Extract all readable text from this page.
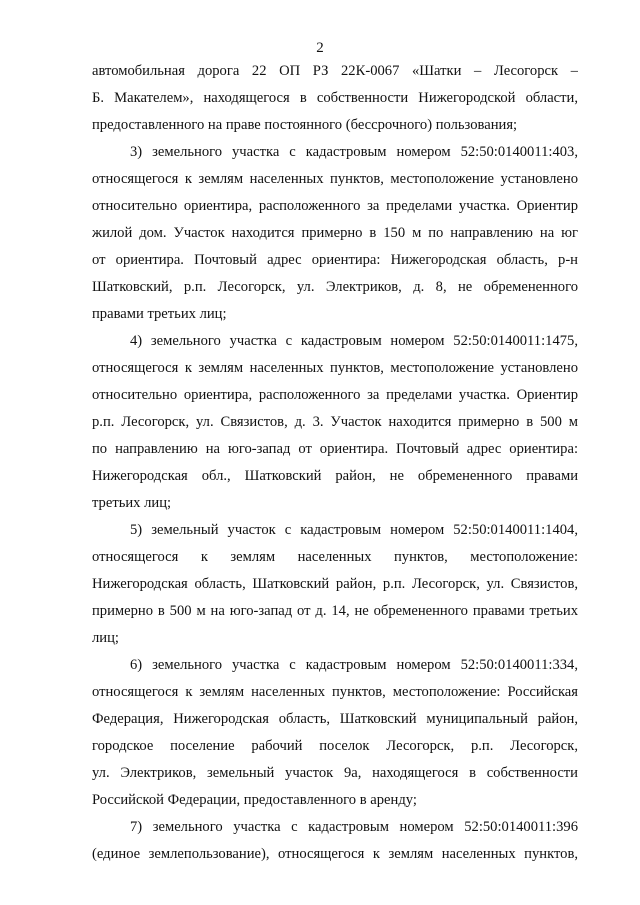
2
автомобильная дорога 22 ОП РЗ 22К-0067 «Шатки – Лесогорск –
Б. Макателем», находящегося в собственности Нижегородской области,
предоставленного на праве постоянного (бессрочного) пользования;
3) земельного участка с кадастровым номером 52:50:0140011:403,
относящегося к землям населенных пунктов, местоположение установлено
относительно ориентира, расположенного за пределами участка. Ориентир
жилой дом. Участок находится примерно в 150 м по направлению на юг
от ориентира. Почтовый адрес ориентира: Нижегородская область, р-н
Шатковский, р.п. Лесогорск, ул. Электриков, д. 8, не обремененного
правами третьих лиц;
4) земельного участка с кадастровым номером 52:50:0140011:1475,
относящегося к землям населенных пунктов, местоположение установлено
относительно ориентира, расположенного за пределами участка. Ориентир
р.п. Лесогорск, ул. Связистов, д. 3. Участок находится примерно в 500 м
по направлению на юго-запад от ориентира. Почтовый адрес ориентира:
Нижегородская обл., Шатковский район, не обремененного правами
третьих лиц;
5) земельный участок с кадастровым номером 52:50:0140011:1404,
относящегося к землям населенных пунктов, местоположение:
Нижегородская область, Шатковский район, р.п. Лесогорск, ул. Связистов,
примерно в 500 м на юго-запад от д. 14, не обремененного правами третьих
лиц;
6) земельного участка с кадастровым номером 52:50:0140011:334,
относящегося к землям населенных пунктов, местоположение: Российская
Федерация, Нижегородская область, Шатковский муниципальный район,
городское поселение рабочий поселок Лесогорск, р.п. Лесогорск,
ул. Электриков, земельный участок 9а, находящегося в собственности
Российской Федерации, предоставленного в аренду;
7) земельного участка с кадастровым номером 52:50:0140011:396
(единое землепользование), относящегося к землям населенных пунктов,
